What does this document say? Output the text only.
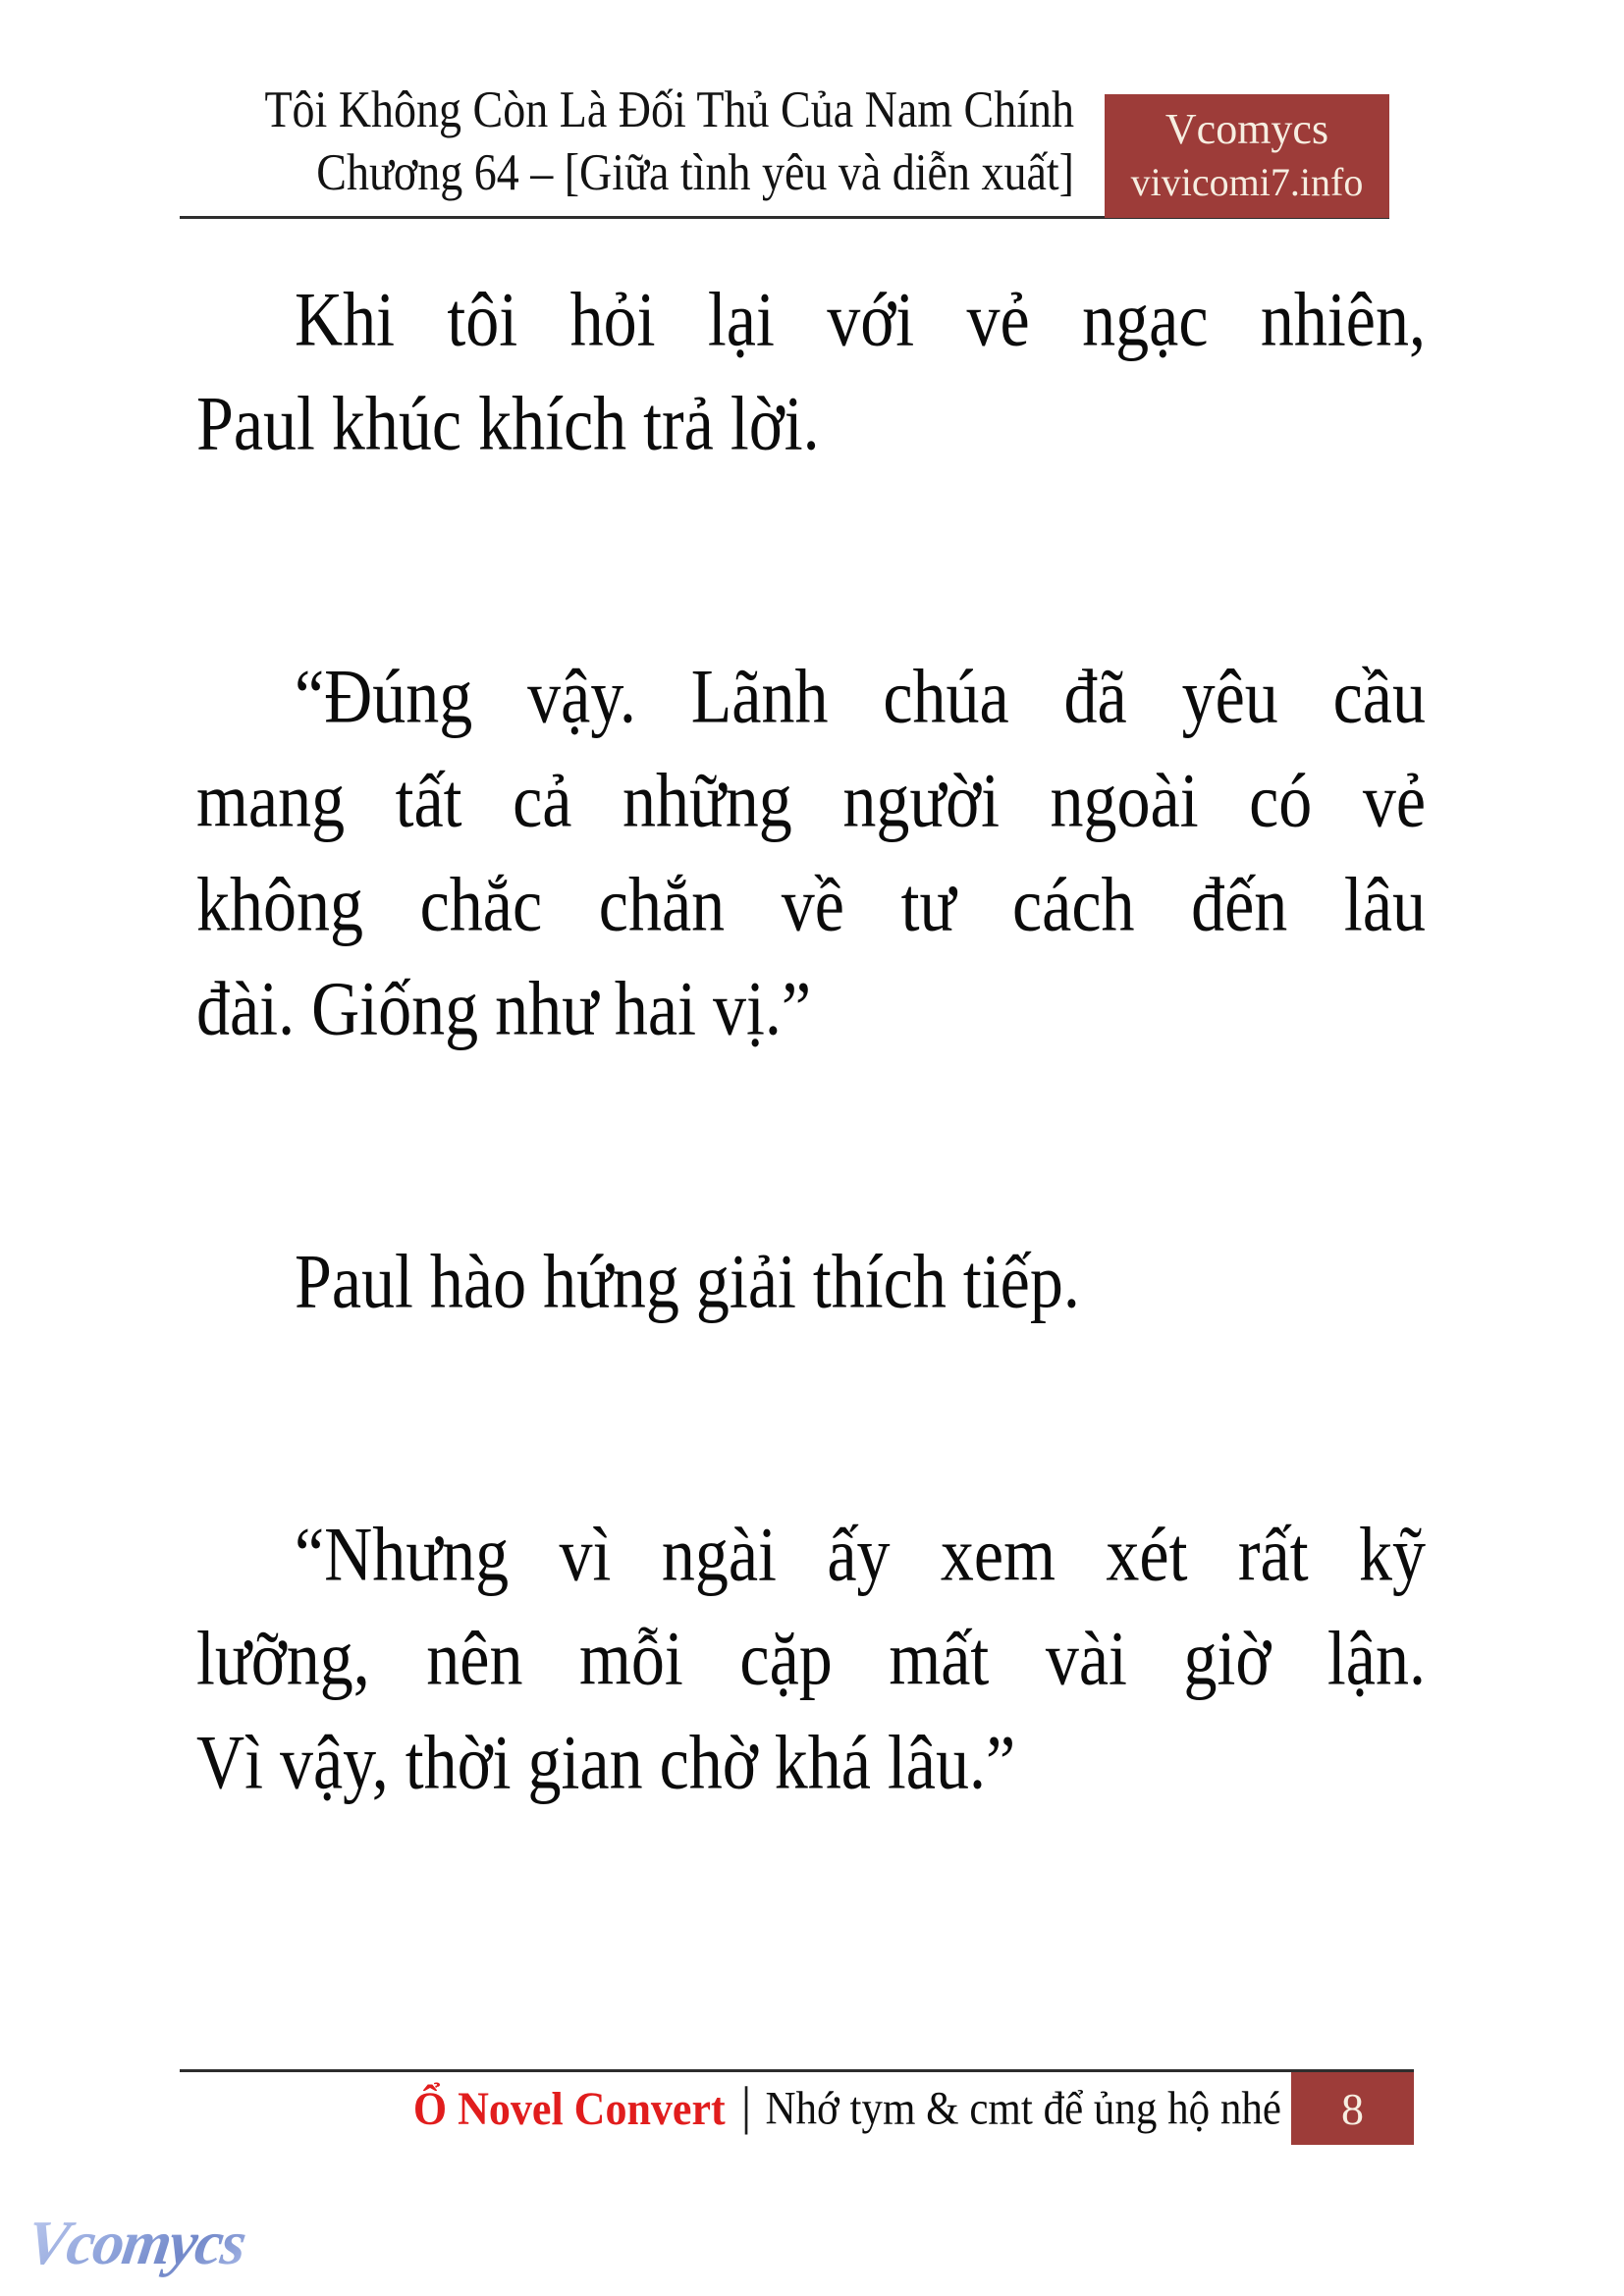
Tôi Không Còn Là Đối Thủ Của Nam Chính
Chương 64 – [Giữa tình yêu và diễn xuất]
Vcomycs
vivicomi7.info
Khi tôi hỏi lại với vẻ ngạc nhiên,
Paul khúc khích trả lời.
“Đúng vậy. Lãnh chúa đã yêu cầu
mang tất cả những người ngoài có vẻ
không chắc chắn về tư cách đến lâu
đài. Giống như hai vị.”
Paul hào hứng giải thích tiếp.
“Nhưng vì ngài ấy xem xét rất kỹ
lưỡng, nên mỗi cặp mất vài giờ lận.
Vì vậy, thời gian chờ khá lâu.”
Ổ Novel Convert | Nhớ tym & cmt để ủng hộ nhé 8
Vcomycs
